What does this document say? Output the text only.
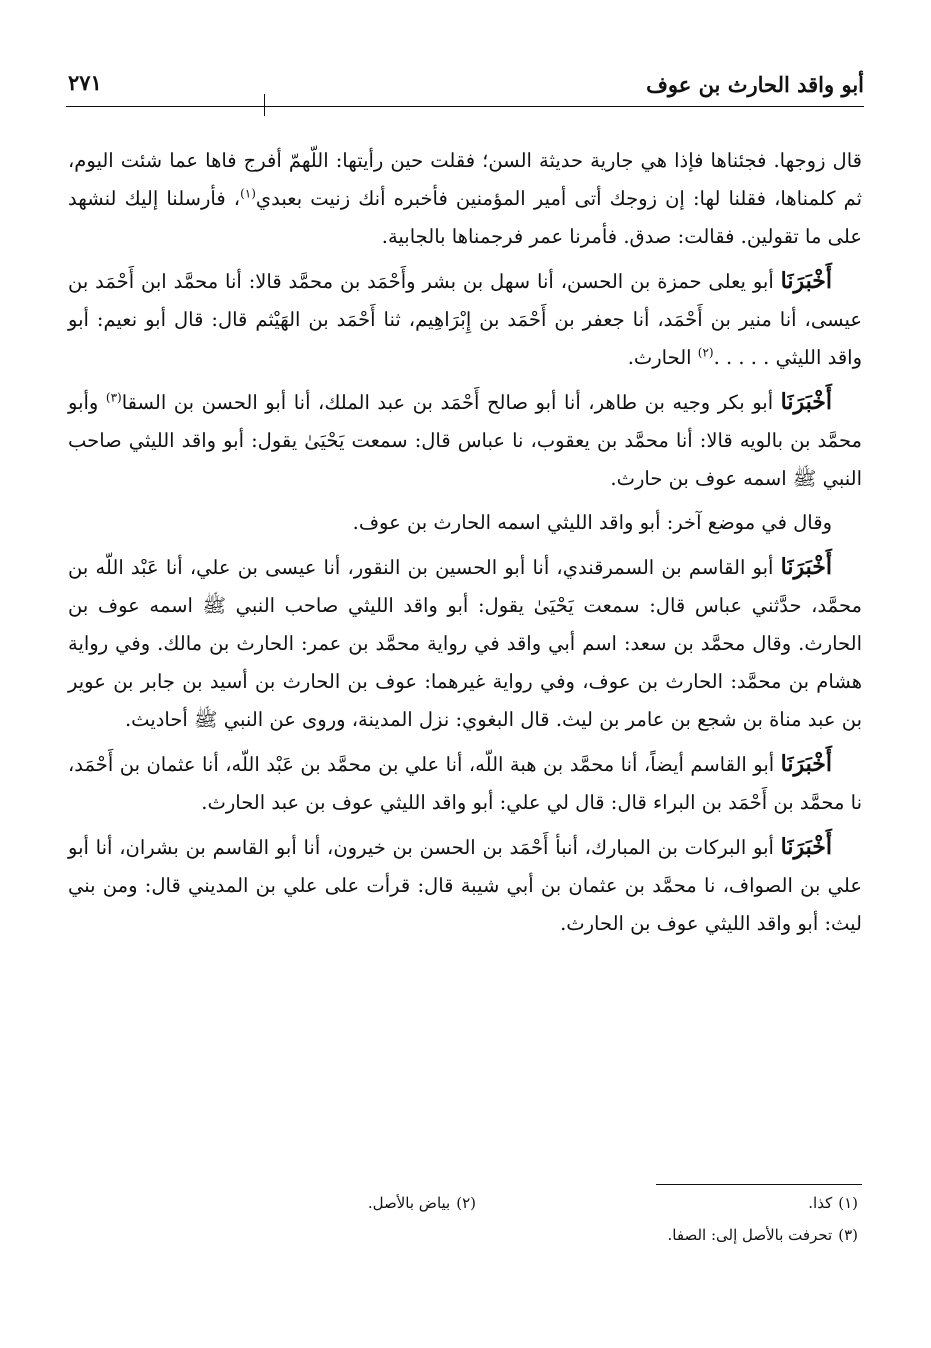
أبو واقد الحارث بن عوف
٢٧١

قال زوجها. فجئناها فإذا هي جارية حديثة السن؛ فقلت حين رأيتها: اللّهمّ أفرج فاها عما شئت اليوم، ثم كلمناها، فقلنا لها: إن زوجك أتى أمير المؤمنين فأخبره أنك زنيت بعبدي$^{(١)}$، فأرسلنا إليك لنشهد على ما تقولين. فقالت: صدق. فأمرنا عمر فرجمناها بالجابية.

أَخْبَرَنَا أبو يعلى حمزة بن الحسن، أنا سهل بن بشر وأَحْمَد بن محمَّد قالا: أنا محمَّد ابن أَحْمَد بن عيسى، أنا منير بن أَحْمَد، أنا جعفر بن أَحْمَد بن إِبْرَاهِيم، ثنا أَحْمَد بن الهَيْثم قال: قال أبو نعيم: أبو واقد الليثي . . . . .$^{(٢)}$ الحارث.

أَخْبَرَنَا أبو بكر وجيه بن طاهر، أنا أبو صالح أَحْمَد بن عبد الملك، أنا أبو الحسن بن السقا$^{(٣)}$ وأبو محمَّد بن بالويه قالا: أنا محمَّد بن يعقوب، نا عباس قال: سمعت يَحْيَىٰ يقول: أبو واقد الليثي صاحب النبي ﷺ اسمه عوف بن حارث.

وقال في موضع آخر: أبو واقد الليثي اسمه الحارث بن عوف.

أَخْبَرَنَا أبو القاسم بن السمرقندي، أنا أبو الحسين بن النقور، أنا عيسى بن علي، أنا عَبْد اللّه بن محمَّد، حدَّثني عباس قال: سمعت يَحْيَىٰ يقول: أبو واقد الليثي صاحب النبي ﷺ اسمه عوف بن الحارث. وقال محمَّد بن سعد: اسم أبي واقد في رواية محمَّد بن عمر: الحارث بن مالك. وفي رواية هشام بن محمَّد: الحارث بن عوف، وفي رواية غيرهما: عوف بن الحارث بن أسيد بن جابر بن عوير بن عبد مناة بن شجع بن عامر بن ليث. قال البغوي: نزل المدينة، وروى عن النبي ﷺ أحاديث.

أَخْبَرَنَا أبو القاسم أيضاً، أنا محمَّد بن هبة اللّه، أنا علي بن محمَّد بن عَبْد اللّه، أنا عثمان بن أَحْمَد، نا محمَّد بن أَحْمَد بن البراء قال: قال لي علي: أبو واقد الليثي عوف بن عبد الحارث.

أَخْبَرَنَا أبو البركات بن المبارك، أنبأ أَحْمَد بن الحسن بن خيرون، أنا أبو القاسم بن بشران، أنا أبو علي بن الصواف، نا محمَّد بن عثمان بن أبي شيبة قال: قرأت على علي بن المديني قال: ومن بني ليث: أبو واقد الليثي عوف بن الحارث.

(١)كذا.
(٢)بياض بالأصل.
(٣)تحرفت بالأصل إلى: الصفا.
